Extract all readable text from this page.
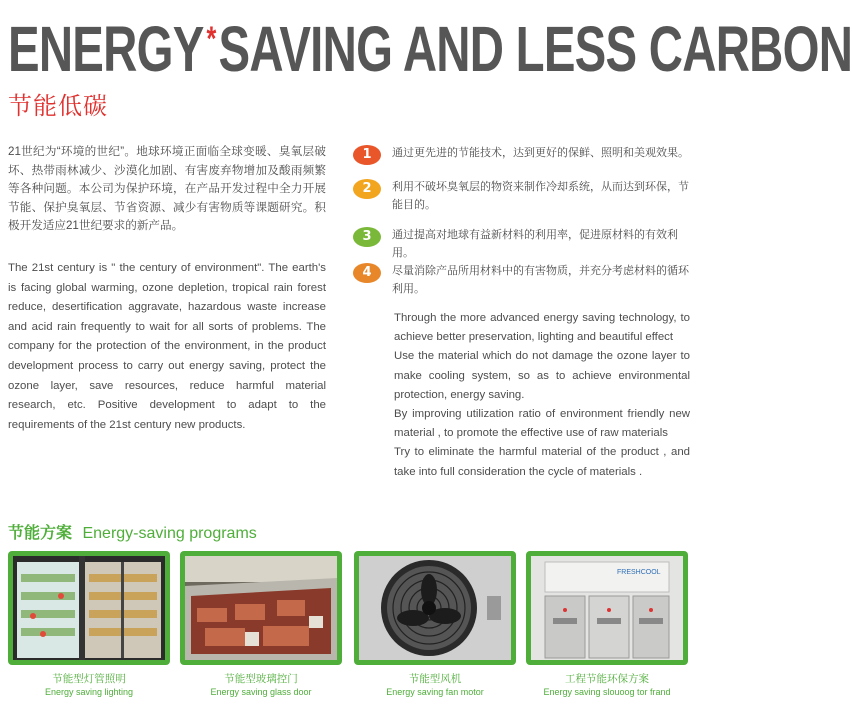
ENERGY*SAVING AND LESS CARBON
节能低碳

21世纪为“环境的世纪”。地球环境正面临全球变暖、臭氧层破坏、热带雨林减少、沙漠化加剧、有害废弃物增加及酸雨频繁等各种问题。本公司为保护环境，在产品开发过程中全力开展节能、保护臭氧层、节省资源、减少有害物质等课题研究。积极开发适应21世纪要求的新产品。

The 21st century is " the century of environment". The earth's is facing global warming, ozone depletion, tropical rain forest reduce, desertification aggravate, hazardous waste increase and acid rain frequently to wait for all sorts of problems. The company for the protection of the environment, in the product development process to carry out energy saving, protect the ozone layer, save resources, reduce harmful material research, etc. Positive development to adapt to the requirements of the 21st century new products.

1	通过更先进的节能技术，达到更好的保鲜、照明和美观效果。
2	利用不破坏臭氧层的物资来制作冷却系统，从而达到环保，节能目的。
3	通过提高对地球有益新材料的利用率，促进原材料的有效利用。
4	尽量消除产品所用材料中的有害物质，并充分考虑材料的循环利用。

Through the more advanced energy saving technology, to achieve better preservation, lighting and beautiful effect

Use the material which do not damage the ozone layer to make cooling system, so as to achieve environmental protection, energy saving.

By improving utilization ratio of environment friendly new material , to promote the effective use of raw materials

Try to eliminate the harmful material of the product , and take into full consideration the cycle of materials .

节能方案 Energy-saving programs
节能型灯管照明
Energy saving lighting
节能型玻璃控门
Energy saving glass door
节能型风机
Energy saving fan motor
FRESHCOOL
工程节能环保方案
Energy saving slouoog tor frand
